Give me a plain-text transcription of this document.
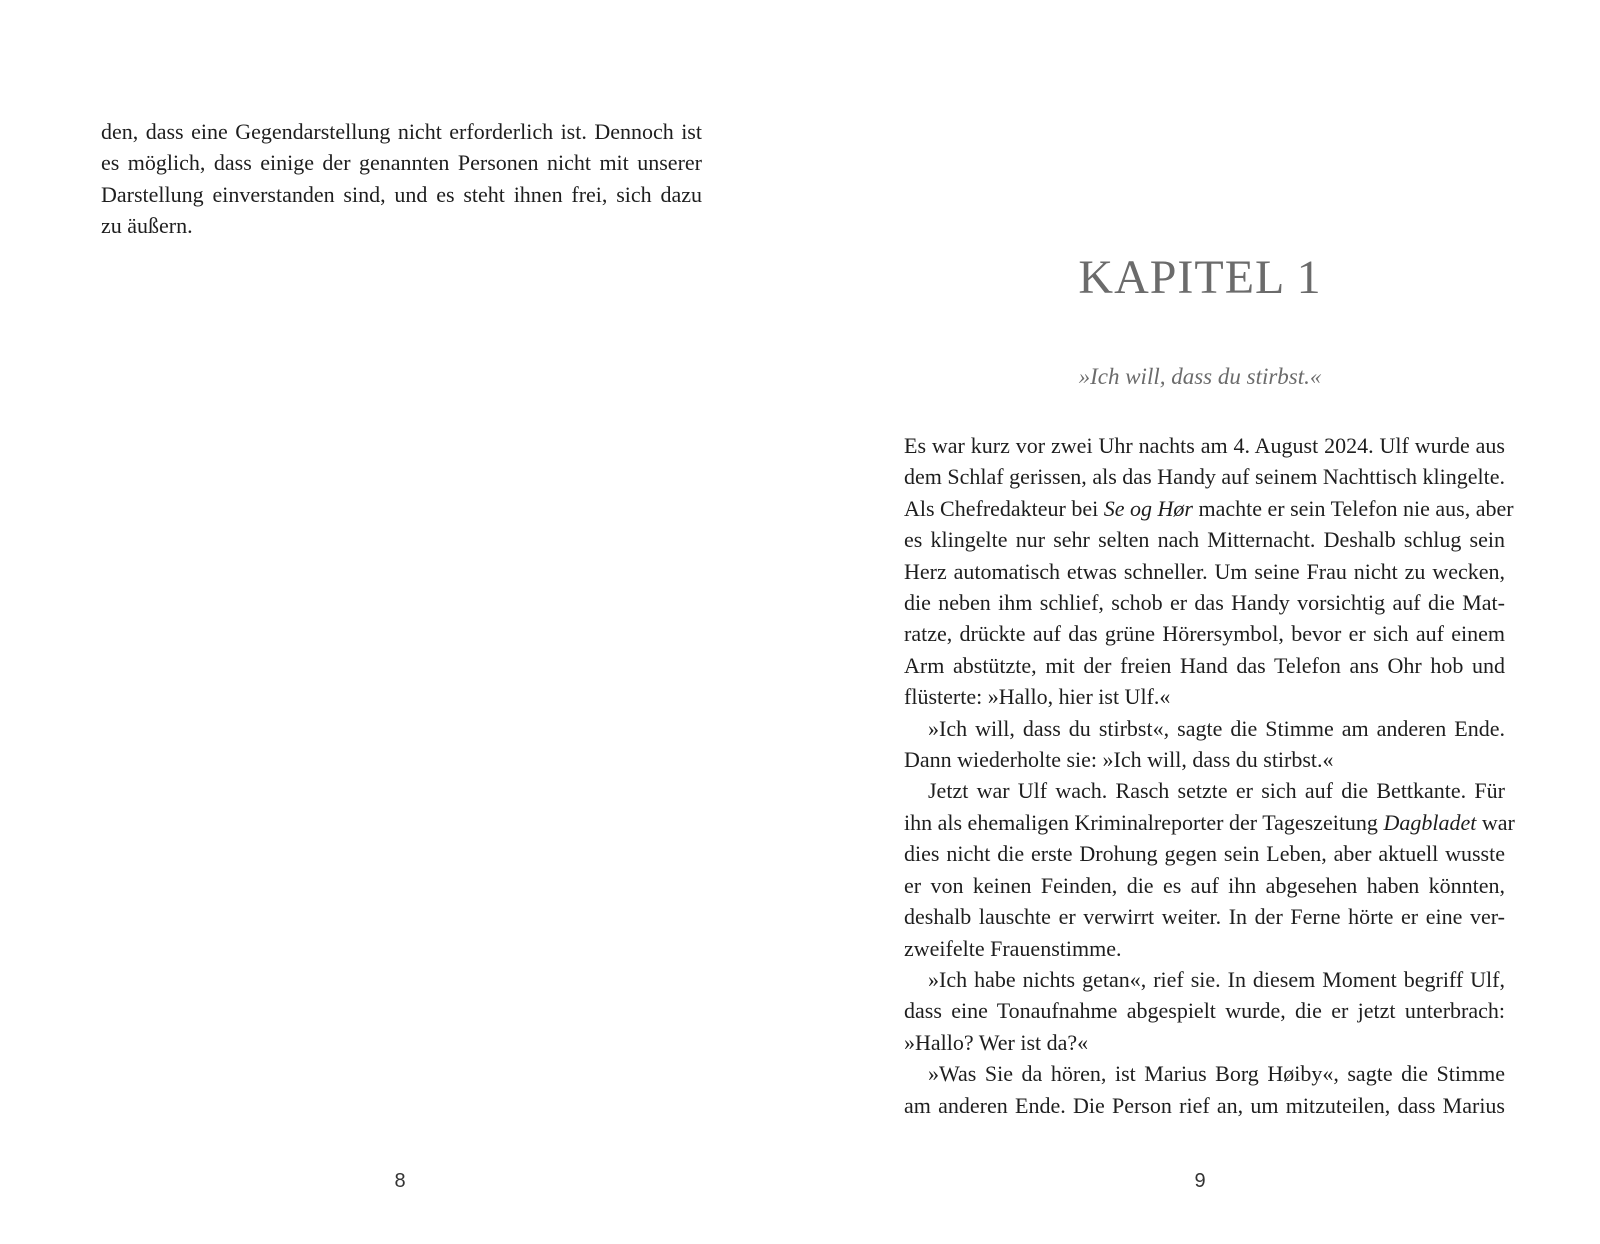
den, dass eine Gegendarstellung nicht erforderlich ist. Dennoch ist
es möglich, dass einige der genannten Personen nicht mit unserer
Darstellung einverstanden sind, und es steht ihnen frei, sich dazu
zu äußern.
8
KAPITEL 1
»Ich will, dass du stirbst.«
Es war kurz vor zwei Uhr nachts am 4. August 2024. Ulf wurde aus
dem Schlaf gerissen, als das Handy auf seinem Nachttisch klingelte.
Als Chefredakteur bei Se og Hør machte er sein Telefon nie aus, aber
es klingelte nur sehr selten nach Mitternacht. Deshalb schlug sein
Herz automatisch etwas schneller. Um seine Frau nicht zu wecken,
die neben ihm schlief, schob er das Handy vorsichtig auf die Mat-
ratze, drückte auf das grüne Hörersymbol, bevor er sich auf einem
Arm abstützte, mit der freien Hand das Telefon ans Ohr hob und
flüsterte: »Hallo, hier ist Ulf.«
»Ich will, dass du stirbst«, sagte die Stimme am anderen Ende.
Dann wiederholte sie: »Ich will, dass du stirbst.«
Jetzt war Ulf wach. Rasch setzte er sich auf die Bettkante. Für
ihn als ehemaligen Kriminalreporter der Tageszeitung Dagbladet war
dies nicht die erste Drohung gegen sein Leben, aber aktuell wusste
er von keinen Feinden, die es auf ihn abgesehen haben könnten,
deshalb lauschte er verwirrt weiter. In der Ferne hörte er eine ver-
zweifelte Frauenstimme.
»Ich habe nichts getan«, rief sie. In diesem Moment begriff Ulf,
dass eine Tonaufnahme abgespielt wurde, die er jetzt unterbrach:
»Hallo? Wer ist da?«
»Was Sie da hören, ist Marius Borg Høiby«, sagte die Stimme
am anderen Ende. Die Person rief an, um mitzuteilen, dass Marius
9
